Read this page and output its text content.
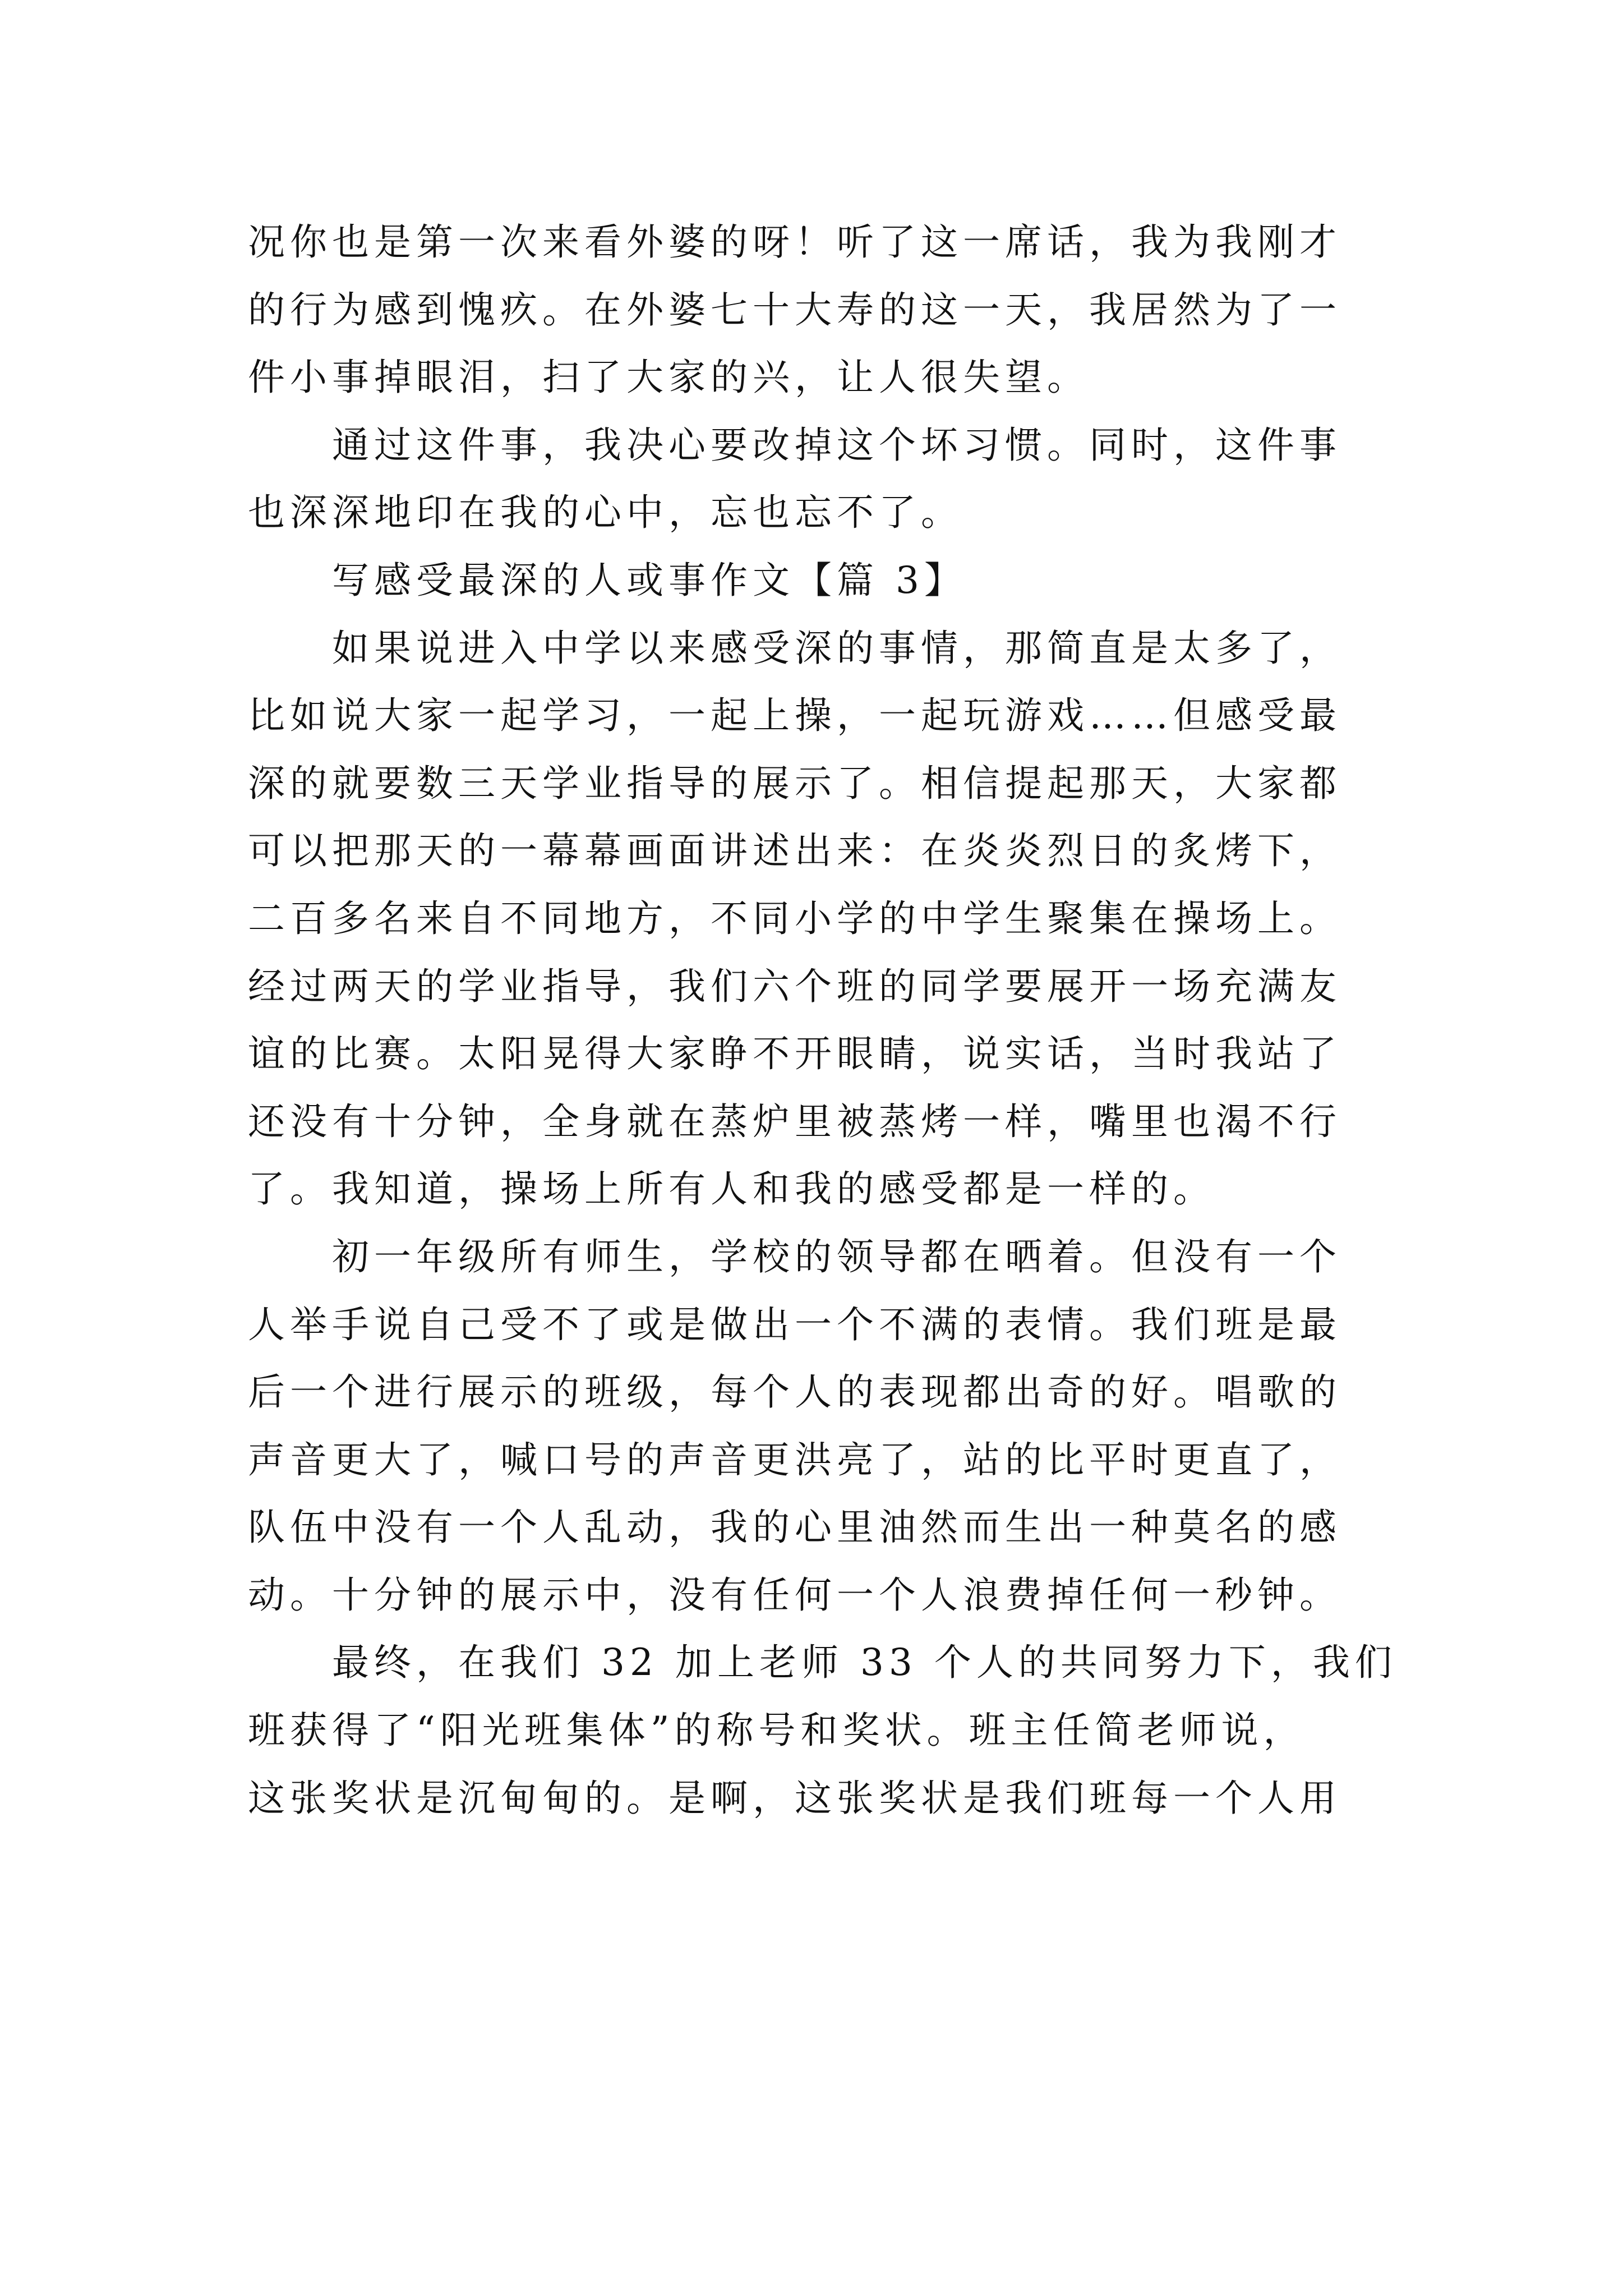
况你也是第一次来看外婆的呀！听了这一席话，我为我刚才
的行为感到愧疚。在外婆七十大寿的这一天，我居然为了一
件小事掉眼泪，扫了大家的兴，让人很失望。
通过这件事，我决心要改掉这个坏习惯。同时，这件事
也深深地印在我的心中，忘也忘不了。
写感受最深的人或事作文【篇 3】
如果说进入中学以来感受深的事情，那简直是太多了，
比如说大家一起学习，一起上操，一起玩游戏……但感受最
深的就要数三天学业指导的展示了。相信提起那天，大家都
可以把那天的一幕幕画面讲述出来：在炎炎烈日的炙烤下，
二百多名来自不同地方，不同小学的中学生聚集在操场上。
经过两天的学业指导，我们六个班的同学要展开一场充满友
谊的比赛。太阳晃得大家睁不开眼睛，说实话，当时我站了
还没有十分钟，全身就在蒸炉里被蒸烤一样，嘴里也渴不行
了。我知道，操场上所有人和我的感受都是一样的。
初一年级所有师生，学校的领导都在晒着。但没有一个
人举手说自己受不了或是做出一个不满的表情。我们班是最
后一个进行展示的班级，每个人的表现都出奇的好。唱歌的
声音更大了，喊口号的声音更洪亮了，站的比平时更直了，
队伍中没有一个人乱动，我的心里油然而生出一种莫名的感
动。十分钟的展示中，没有任何一个人浪费掉任何一秒钟。
最终，在我们 32 加上老师 33 个人的共同努力下，我们
班获得了“阳光班集体”的称号和奖状。班主任简老师说，
这张奖状是沉甸甸的。是啊，这张奖状是我们班每一个人用
